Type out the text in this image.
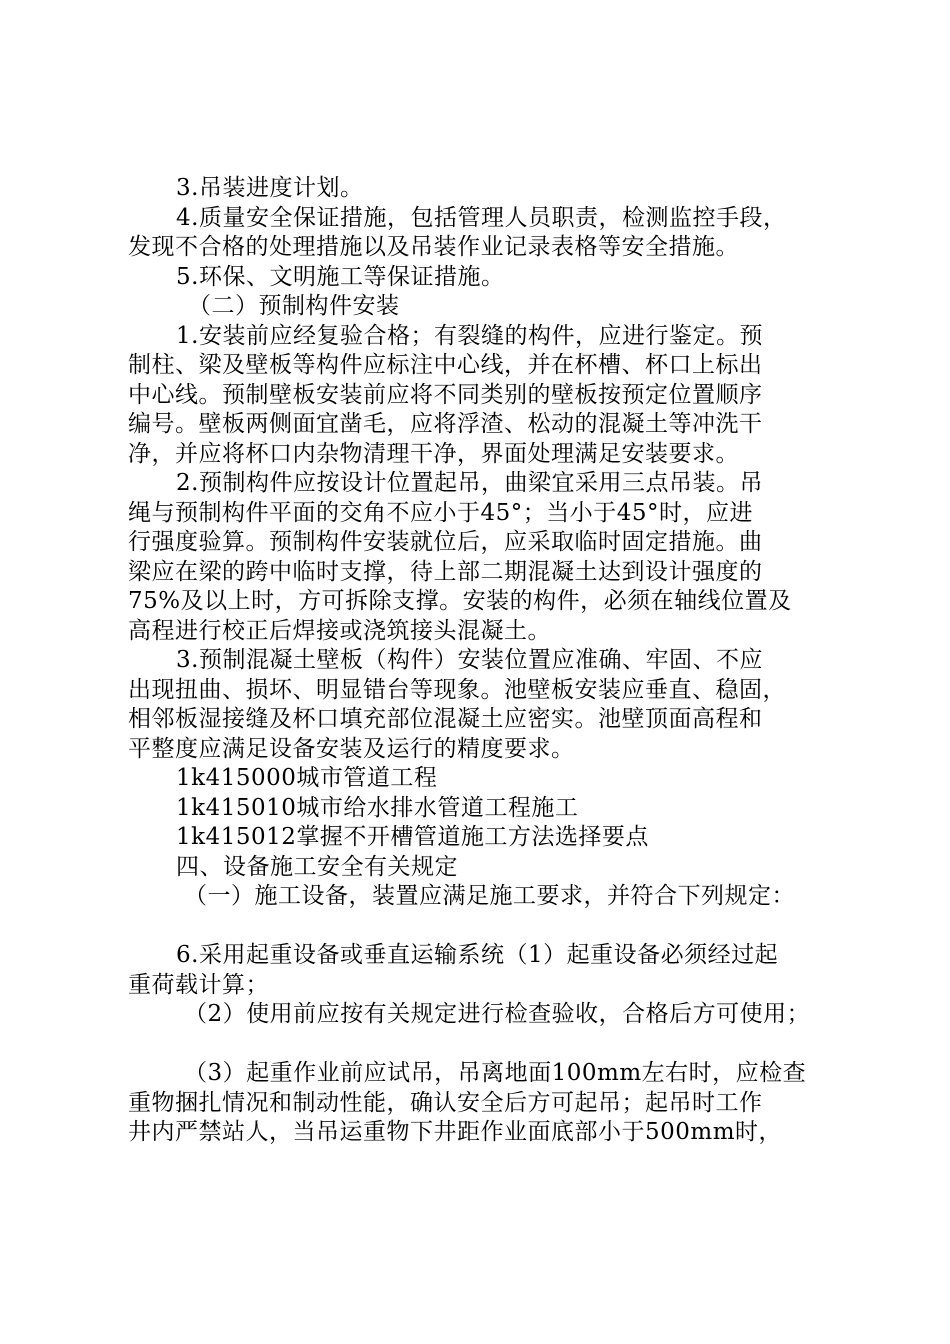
3.吊装进度计划。
4.质量安全保证措施，包括管理人员职责，检测监控手段，
发现不合格的处理措施以及吊装作业记录表格等安全措施。
5.环保、文明施工等保证措施。
（二）预制构件安装
1.安装前应经复验合格；有裂缝的构件，应进行鉴定。预
制柱、梁及壁板等构件应标注中心线，并在杯槽、杯口上标出
中心线。预制壁板安装前应将不同类别的壁板按预定位置顺序
编号。壁板两侧面宜凿毛，应将浮渣、松动的混凝土等冲洗干
净，并应将杯口内杂物清理干净，界面处理满足安装要求。
2.预制构件应按设计位置起吊，曲梁宜采用三点吊装。吊
绳与预制构件平面的交角不应小于45°；当小于45°时，应进
行强度验算。预制构件安装就位后，应采取临时固定措施。曲
梁应在梁的跨中临时支撑，待上部二期混凝土达到设计强度的
75%及以上时，方可拆除支撑。安装的构件，必须在轴线位置及
高程进行校正后焊接或浇筑接头混凝土。
3.预制混凝土壁板（构件）安装位置应准确、牢固、不应
出现扭曲、损坏、明显错台等现象。池壁板安装应垂直、稳固，
相邻板湿接缝及杯口填充部位混凝土应密实。池壁顶面高程和
平整度应满足设备安装及运行的精度要求。
1k415000城市管道工程
1k415010城市给水排水管道工程施工
1k415012掌握不开槽管道施工方法选择要点
四、设备施工安全有关规定
（一）施工设备，装置应满足施工要求，并符合下列规定：
6.采用起重设备或垂直运输系统（1）起重设备必须经过起
重荷载计算；
（2）使用前应按有关规定进行检查验收，合格后方可使用；
（3）起重作业前应试吊，吊离地面100mm左右时，应检查
重物捆扎情况和制动性能，确认安全后方可起吊；起吊时工作
井内严禁站人，当吊运重物下井距作业面底部小于500mm时，
